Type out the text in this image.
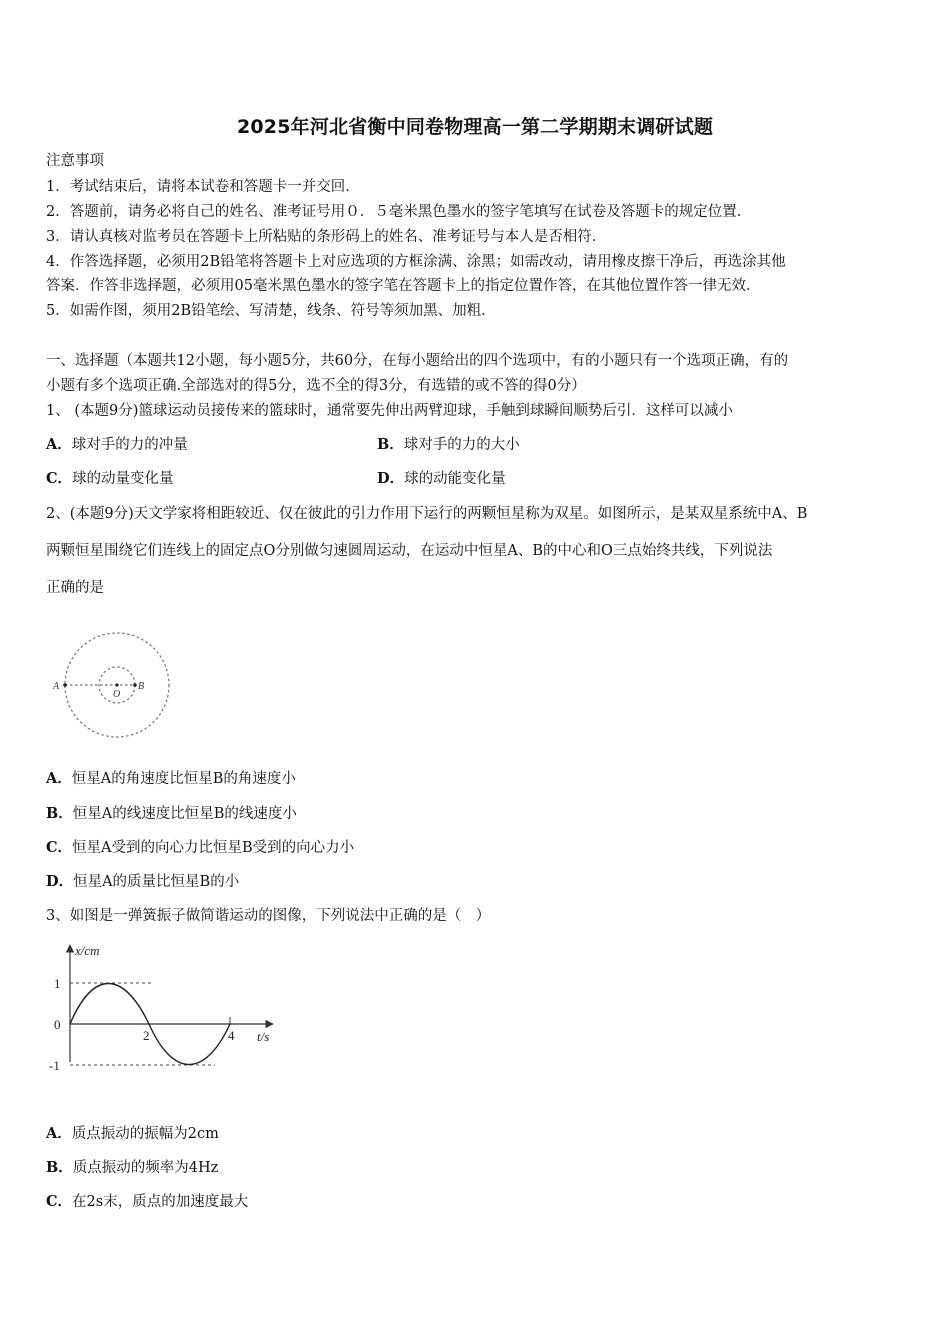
2025年河北省衡中同卷物理高一第二学期期末调研试题
注意事项
1．考试结束后，请将本试卷和答题卡一并交回．
2．答题前，请务必将自己的姓名、准考证号用０．５毫米黑色墨水的签字笔填写在试卷及答题卡的规定位置．
3．请认真核对监考员在答题卡上所粘贴的条形码上的姓名、准考证号与本人是否相符．
4．作答选择题，必须用2B铅笔将答题卡上对应选项的方框涂满、涂黑；如需改动，请用橡皮擦干净后，再选涂其他
答案．作答非选择题，必须用05毫米黑色墨水的签字笔在答题卡上的指定位置作答，在其他位置作答一律无效．
5．如需作图，须用2B铅笔绘、写清楚，线条、符号等须加黑、加粗．
一、选择题（本题共12小题，每小题5分，共60分，在每小题给出的四个选项中，有的小题只有一个选项正确，有的
小题有多个选项正确.全部选对的得5分，选不全的得3分，有选错的或不答的得0分）
1、 (本题9分)篮球运动员接传来的篮球时，通常要先伸出两臂迎球，手触到球瞬间顺势后引．这样可以减小
A．球对手的力的冲量	B．球对手的力的大小
C．球的动量变化量	D．球的动能变化量
2、(本题9分)天文学家将相距较近、仅在彼此的引力作用下运行的两颗恒星称为双星。如图所示，是某双星系统中A、B
两颗恒星围绕它们连线上的固定点O分别做匀速圆周运动，在运动中恒星A、B的中心和O三点始终共线，下列说法
正确的是
A
O
B
A．恒星A的角速度比恒星B的角速度小
B．恒星A的线速度比恒星B的线速度小
C．恒星A受到的向心力比恒星B受到的向心力小
D．恒星A的质量比恒星B的小
3、如图是一弹簧振子做简谐运动的图像，下列说法中正确的是（　）
x/cm
t/s
1
0
-1
2	4
A．质点振动的振幅为2cm
B．质点振动的频率为4Hz
C．在2s末，质点的加速度最大
